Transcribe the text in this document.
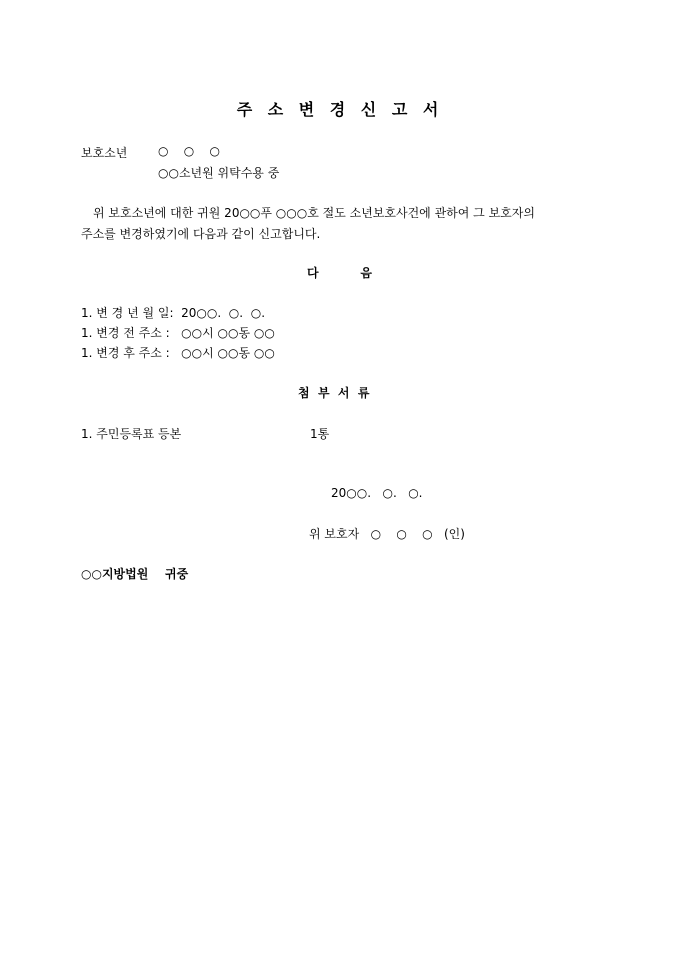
주 소 변 경 신 고 서
보호소년	○    ○    ○
○○소년원 위탁수용 중
위 보호소년에 대한 귀원 20○○푸 ○○○호 절도 소년보호사건에 관하여 그 보호자의
주소를 변경하였기에 다음과 같이 신고합니다.
다          음
1. 변 경 년 월 일:  20○○.  ○.  ○.
1. 변경 전 주소 :   ○○시 ○○동 ○○
1. 변경 후 주소 :   ○○시 ○○동 ○○
첨  부  서  류
1. 주민등록표 등본	1통
20○○.   ○.   ○.
위 보호자   ○    ○    ○   (인)
○○지방법원    귀중
